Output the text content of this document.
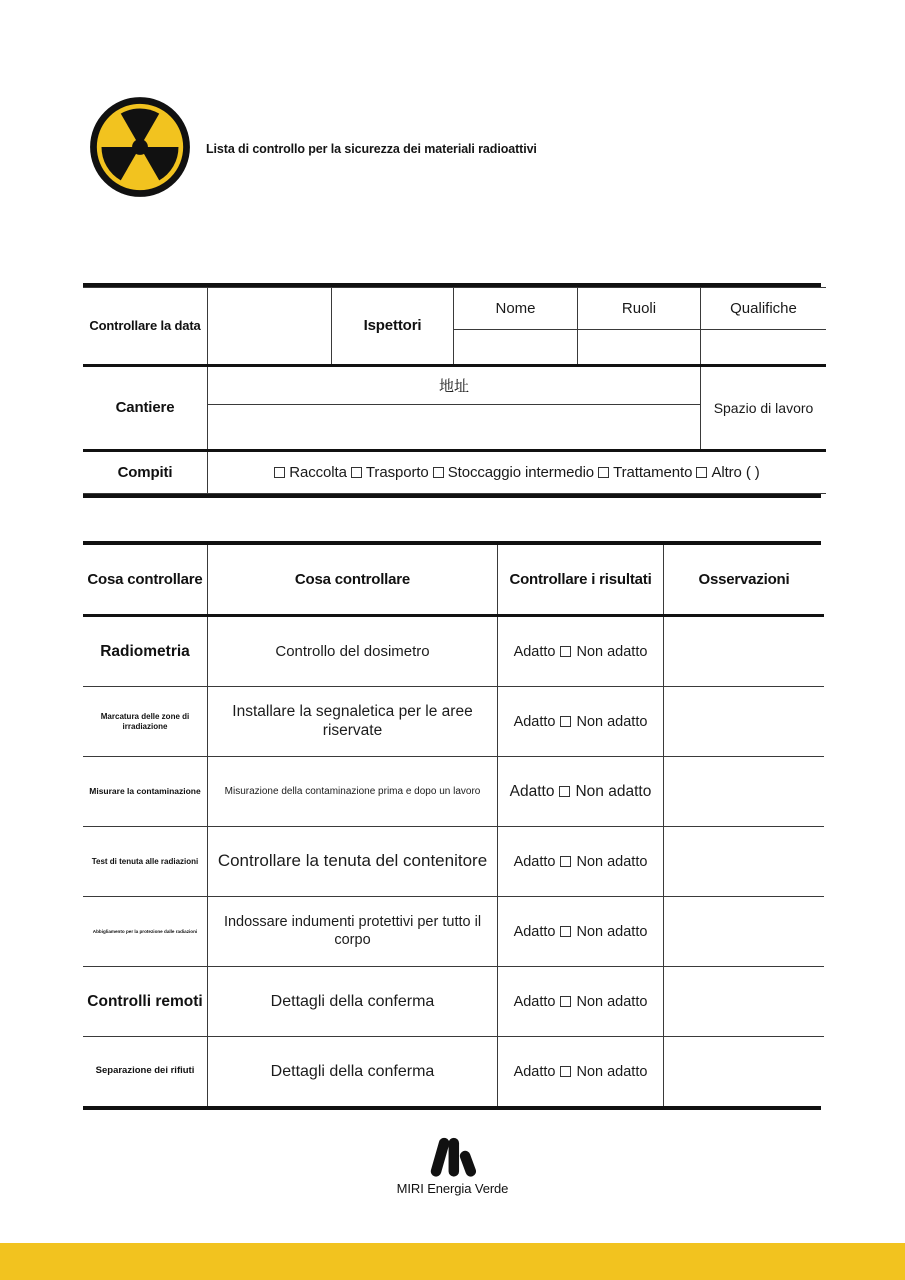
Lista di controllo per la sicurezza dei materiali radioattivi
Controllare la data		Ispettori	Nome	Ruoli	Qualifiche

Cantiere	地址				Spazio di lavoro

Compiti	Raccolta Trasporto Stoccaggio intermedio Trattamento Altro ( )				
Cosa controllare	Cosa controllare	Controllare i risultati	Osservazioni

Radiometria	Controllo del dosimetro	Adatto Non adatto	

Marcatura delle zone di irradiazione	Installare la segnaletica per le aree riservate	Adatto Non adatto	

Misurare la contaminazione	Misurazione della contaminazione prima e dopo un lavoro	Adatto Non adatto	

Test di tenuta alle radiazioni	Controllare la tenuta del contenitore	Adatto Non adatto	

Abbigliamento per la protezione dalle radiazioni	Indossare indumenti protettivi per tutto il corpo	Adatto Non adatto	

Controlli remoti	Dettagli della conferma	Adatto Non adatto	

Separazione dei rifiuti	Dettagli della conferma	Adatto Non adatto	

MIRI Energia Verde
